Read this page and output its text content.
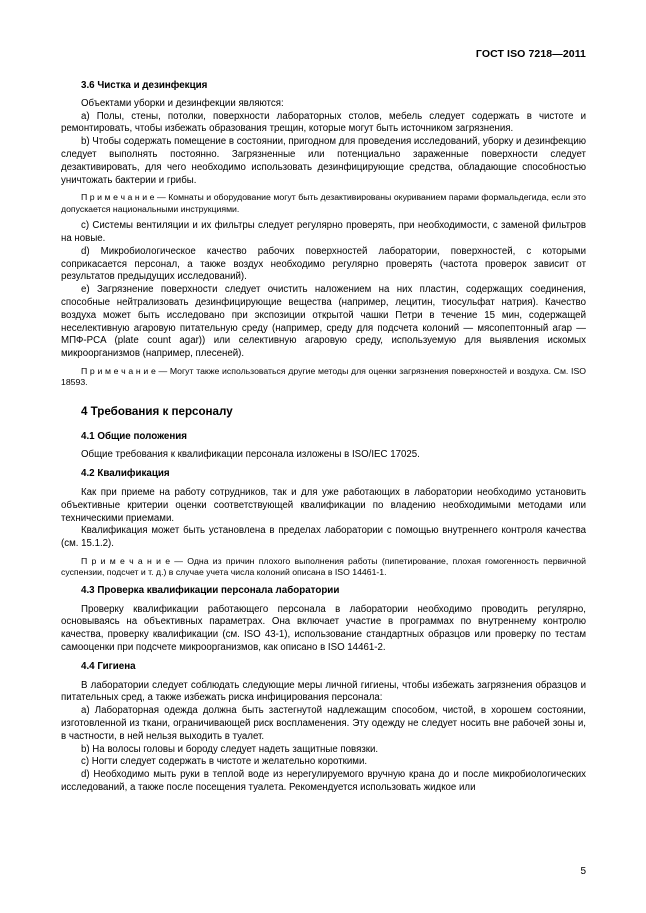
ГОСТ ISO 7218—2011
3.6 Чистка и дезинфекция

Объектами уборки и дезинфекции являются:

а) Полы, стены, потолки, поверхности лабораторных столов, мебель следует содержать в чистоте и ремонтировать, чтобы избежать образования трещин, которые могут быть источником загрязнения.

b) Чтобы содержать помещение в состоянии, пригодном для проведения исследований, уборку и дезинфекцию следует выполнять постоянно. Загрязненные или потенциально зараженные поверхности следует дезактивировать, для чего необходимо использовать дезинфицирующие средства, обладающие способностью уничтожать бактерии и грибы.

П р и м е ч а н и е — Комнаты и оборудование могут быть дезактивированы окуриванием парами формальдегида, если это допускается национальными инструкциями.

с) Системы вентиляции и их фильтры следует регулярно проверять, при необходимости, с заменой фильтров на новые.

d) Микробиологическое качество рабочих поверхностей лаборатории, поверхностей, с которыми соприкасается персонал, а также воздух необходимо регулярно проверять (частота проверок зависит от результатов предыдущих исследований).

е) Загрязнение поверхности следует очистить наложением на них пластин, содержащих соединения, способные нейтрализовать дезинфицирующие вещества (например, лецитин, тиосульфат натрия). Качество воздуха может быть исследовано при экспозиции открытой чашки Петри в течение 15 мин, содержащей неселективную агаровую питательную среду (например, среду для подсчета колоний — мясопептонный агар — МПФ-PCA (plate count agar)) или селективную агаровую среду, используемую для выявления искомых микроорганизмов (например, плесеней).

П р и м е ч а н и е — Могут также использоваться другие методы для оценки загрязнения поверхностей и воздуха. См. ISO 18593.
4 Требования к персоналу
4.1 Общие положения

Общие требования к квалификации персонала изложены в ISO/IEC 17025.

4.2 Квалификация

Как при приеме на работу сотрудников, так и для уже работающих в лаборатории необходимо установить объективные критерии оценки соответствующей квалификации по владению необходимыми методами или техническими приемами.

Квалификация может быть установлена в пределах лаборатории с помощью внутреннего контроля качества (см. 15.1.2).

П р и м е ч а н и е — Одна из причин плохого выполнения работы (пипетирование, плохая гомогенность первичной суспензии, подсчет и т. д.) в случае учета числа колоний описана в ISO 14461-1.
4.3 Проверка квалификации персонала лаборатории

Проверку квалификации работающего персонала в лаборатории необходимо проводить регулярно, основываясь на объективных параметрах. Она включает участие в программах по внутреннему контролю качества, проверку квалификации (см. ISO 43-1), использование стандартных образцов или проверку по тестам самооценки при подсчете микроорганизмов, как описано в ISO 14461-2.

4.4 Гигиена

В лаборатории следует соблюдать следующие меры личной гигиены, чтобы избежать загрязнения образцов и питательных сред, а также избежать риска инфицирования персонала:

а) Лабораторная одежда должна быть застегнутой надлежащим способом, чистой, в хорошем состоянии, изготовленной из ткани, ограничивающей риск воспламенения. Эту одежду не следует носить вне рабочей зоны и, в частности, в ней нельзя выходить в туалет.

b) На волосы головы и бороду следует надеть защитные повязки.

с) Ногти следует содержать в чистоте и желательно короткими.

d) Необходимо мыть руки в теплой воде из нерегулируемого вручную крана до и после микробиологических исследований, а также после посещения туалета. Рекомендуется использовать жидкое или

5
